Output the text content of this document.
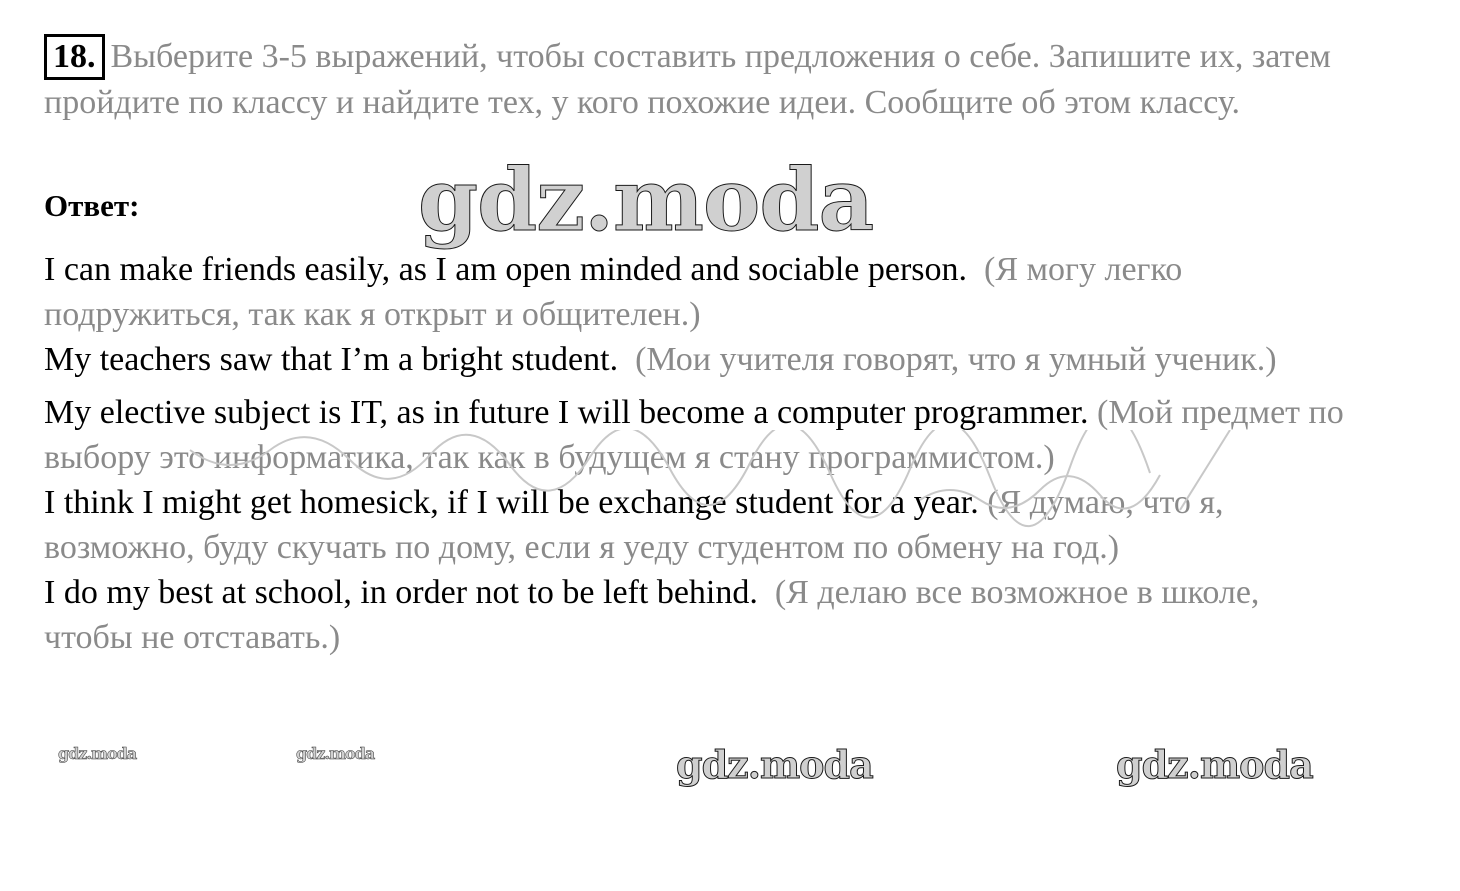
18. Выберите 3-5 выражений, чтобы составить предложения о себе. Запишите их, затем пройдите по классу и найдите тех, у кого похожие идеи. Сообщите об этом классу.
Ответ:

I can make friends easily, as I am open minded and sociable person. (Я могу легко подружиться, так как я открыт и общителен.)

My teachers saw that I’m a bright student. (Мои учителя говорят, что я умный ученик.)

My elective subject is IT, as in future I will become a computer programmer. (Мой предмет по выбору это информатика, так как в будущем я стану программистом.)

I think I might get homesick, if I will be exchange student for a year. (Я думаю, что я, возможно, буду скучать по дому, если я уеду студентом по обмену на год.)

I do my best at school, in order not to be left behind. (Я делаю все возможное в школе, чтобы не отставать.)

gdz.moda
gdz.moda	gdz.moda
gdz.moda	gdz.moda
